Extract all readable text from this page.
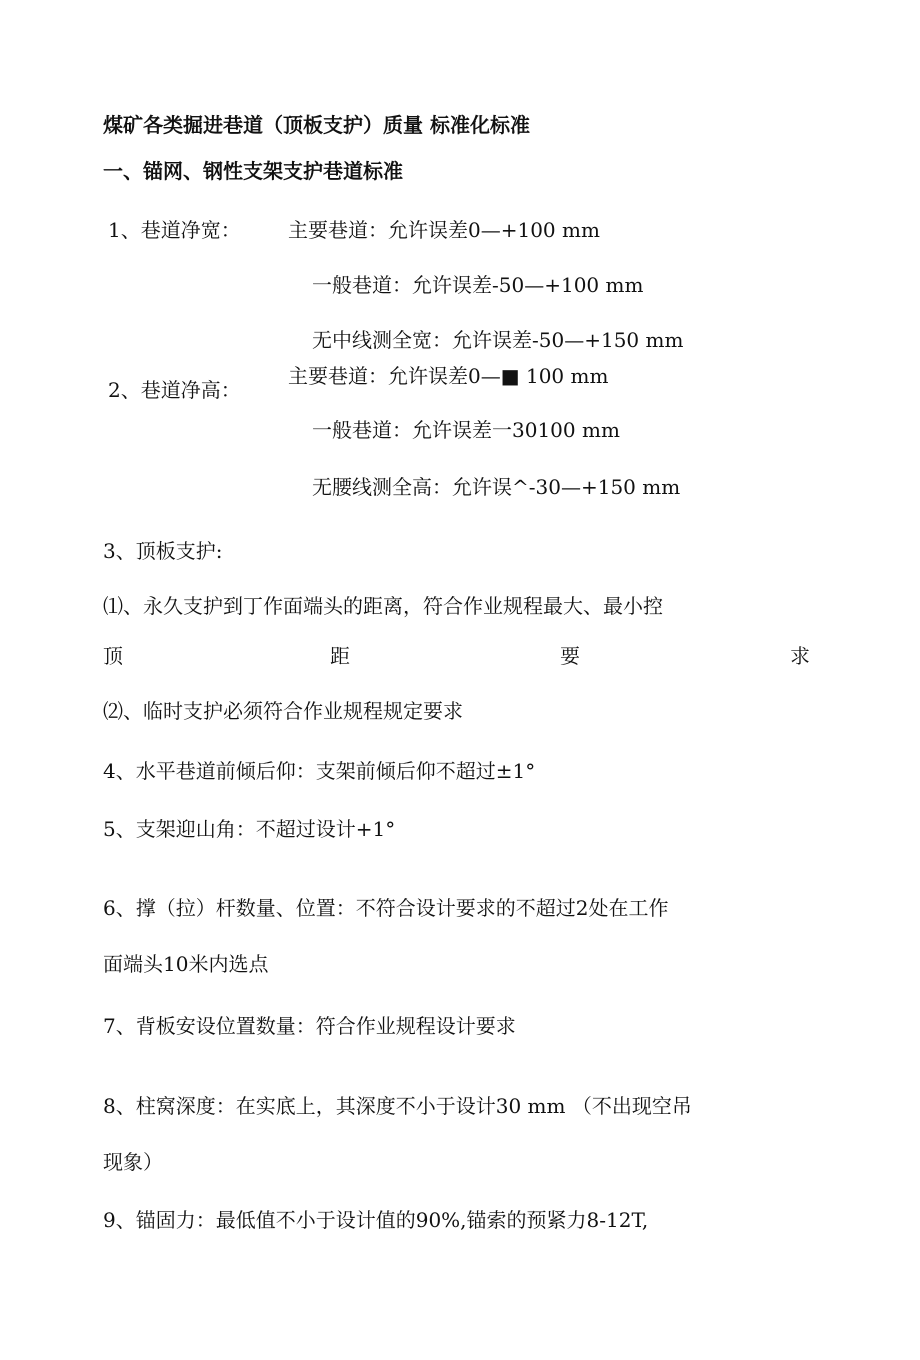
煤矿各类掘进巷道（顶板支护）质量 标准化标准
一、锚网、钢性支架支护巷道标准
1、巷道净宽： 主要巷道：允许误差0—+100 mm
一般巷道：允许误差-50—+100 mm
无中线测全宽：允许误差-50—+150 mm
2、巷道净高：
主要巷道：允许误差0—■ 100 mm
一般巷道：允许误差一30100 mm
无腰线测全高：允许误^-30—+150 mm
3、顶板支护:
⑴、永久支护到丁作面端头的距离，符合作业规程最大、最小控
顶	距	要	求
⑵、临时支护必须符合作业规程规定要求
4、水平巷道前倾后仰：支架前倾后仰不超过±1°
5、支架迎山角：不超过设计+1°
6、撑（拉）杆数量、位置：不符合设计要求的不超过2处在工作
面端头10米内选点
7、背板安设位置数量：符合作业规程设计要求
8、柱窝深度：在实底上，其深度不小于设计30 mm （不出现空吊
现象）
9、锚固力：最低值不小于设计值的90%,锚索的预紧力8-12T,
